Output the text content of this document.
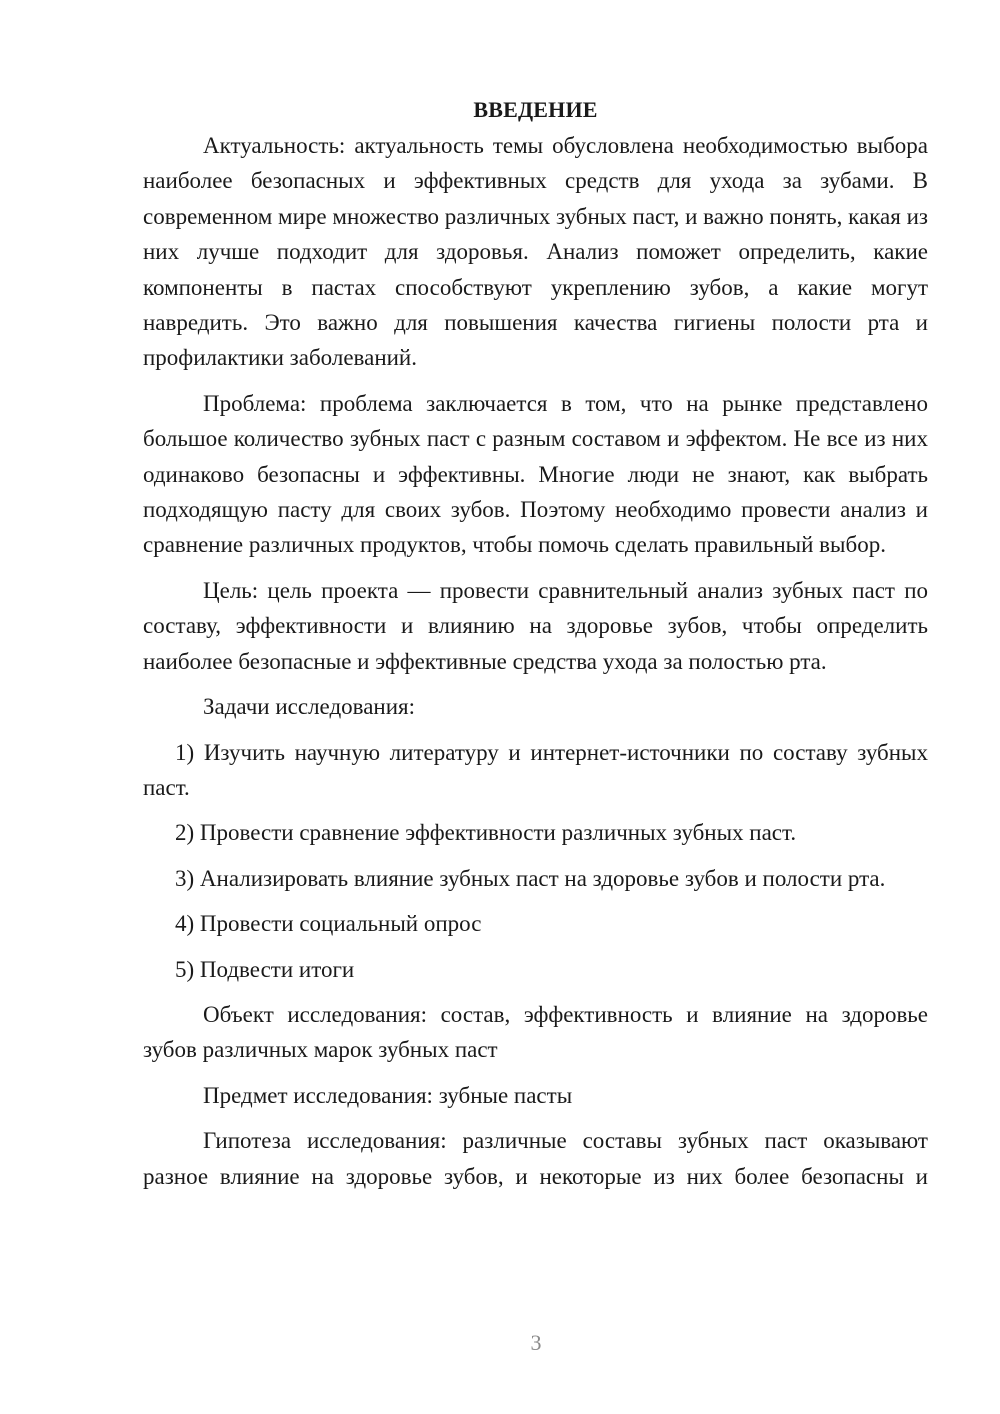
ВВЕДЕНИЕ

Актуальность: актуальность темы обусловлена необходимостью выбора наиболее безопасных и эффективных средств для ухода за зубами. В современном мире множество различных зубных паст, и важно понять, какая из них лучше подходит для здоровья. Анализ поможет определить, какие компоненты в пастах способствуют укреплению зубов, а какие могут навредить. Это важно для повышения качества гигиены полости рта и профилактики заболеваний.

Проблема: проблема заключается в том, что на рынке представлено большое количество зубных паст с разным составом и эффектом. Не все из них одинаково безопасны и эффективны. Многие люди не знают, как выбрать подходящую пасту для своих зубов. Поэтому необходимо провести анализ и сравнение различных продуктов, чтобы помочь сделать правильный выбор.

Цель: цель проекта — провести сравнительный анализ зубных паст по составу, эффективности и влиянию на здоровье зубов, чтобы определить наиболее безопасные и эффективные средства ухода за полостью рта.

Задачи исследования:

1) Изучить научную литературу и интернет-источники по составу зубных паст.

2) Провести сравнение эффективности различных зубных паст.

3) Анализировать влияние зубных паст на здоровье зубов и полости рта.

4) Провести социальный опрос

5) Подвести итоги

Объект исследования: состав, эффективность и влияние на здоровье зубов различных марок зубных паст

Предмет исследования: зубные пасты

Гипотеза исследования: различные составы зубных паст оказывают разное влияние на здоровье зубов, и некоторые из них более безопасны и

3
